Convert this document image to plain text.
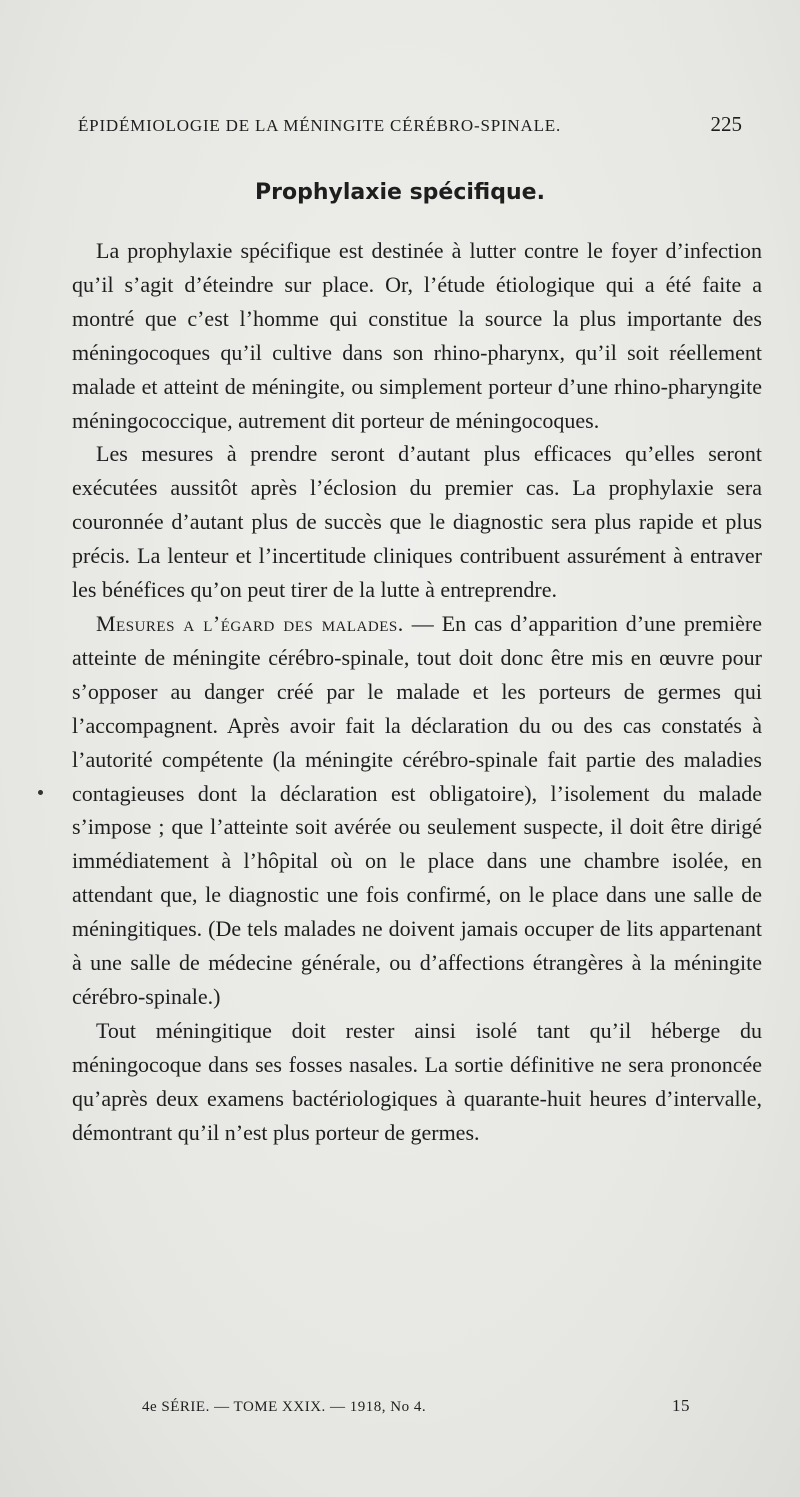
ÉPIDÉMIOLOGIE DE LA MÉNINGITE CÉRÉBRO-SPINALE.	225
Prophylaxie spécifique.

La prophylaxie spécifique est destinée à lutter contre le foyer d’infection qu’il s’agit d’éteindre sur place. Or, l’étude étiologique qui a été faite a montré que c’est l’homme qui constitue la source la plus importante des méningocoques qu’il cultive dans son rhino-pharynx, qu’il soit réellement malade et atteint de méningite, ou simplement porteur d’une rhino-pharyngite méningococcique, autrement dit porteur de méningocoques.

Les mesures à prendre seront d’autant plus efficaces qu’elles seront exécutées aussitôt après l’éclosion du premier cas. La prophylaxie sera couronnée d’autant plus de succès que le diagnostic sera plus rapide et plus précis. La lenteur et l’incertitude cliniques contribuent assurément à entraver les bénéfices qu’on peut tirer de la lutte à entreprendre.

Mesures a l’égard des malades. — En cas d’apparition d’une première atteinte de méningite cérébro-spinale, tout doit donc être mis en œuvre pour s’opposer au danger créé par le malade et les porteurs de germes qui l’accompagnent. Après avoir fait la déclaration du ou des cas constatés à l’autorité compétente (la méningite cérébro-spinale fait partie des maladies contagieuses dont la déclaration est obligatoire), l’isolement du malade s’impose ; que l’atteinte soit avérée ou seulement suspecte, il doit être dirigé immédiatement à l’hôpital où on le place dans une chambre isolée, en attendant que, le diagnostic une fois confirmé, on le place dans une salle de méningitiques. (De tels malades ne doivent jamais occuper de lits appartenant à une salle de médecine générale, ou d’affections étrangères à la méningite cérébro-spinale.)

Tout méningitique doit rester ainsi isolé tant qu’il héberge du méningocoque dans ses fosses nasales. La sortie définitive ne sera prononcée qu’après deux examens bactériologiques à quarante-huit heures d’intervalle, démontrant qu’il n’est plus porteur de germes.

4e SÉRIE. — TOME XXIX. — 1918, No 4.	15
